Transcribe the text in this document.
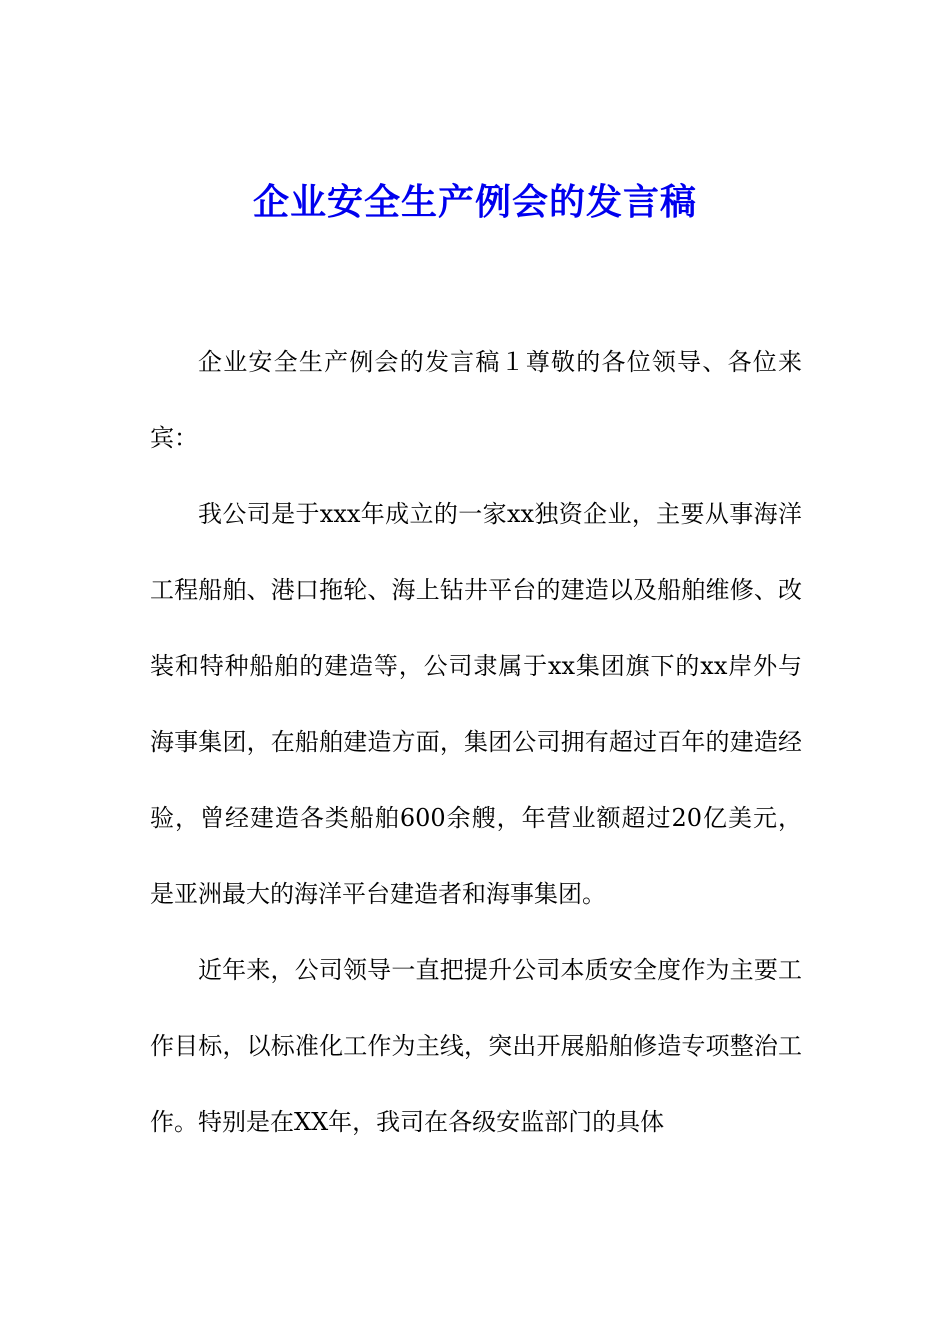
企业安全生产例会的发言稿

企业安全生产例会的发言稿１尊敬的各位领导、各位来宾：

我公司是于xxx年成立的一家xx独资企业，主要从事海洋工程船舶、港口拖轮、海上钻井平台的建造以及船舶维修、改装和特种船舶的建造等，公司隶属于xx集团旗下的xx岸外与海事集团，在船舶建造方面，集团公司拥有超过百年的建造经验，曾经建造各类船舶600余艘，年营业额超过20亿美元，是亚洲最大的海洋平台建造者和海事集团。

近年来，公司领导一直把提升公司本质安全度作为主要工作目标，以标准化工作为主线，突出开展船舶修造专项整治工作。特别是在XX年，我司在各级安监部门的具体
